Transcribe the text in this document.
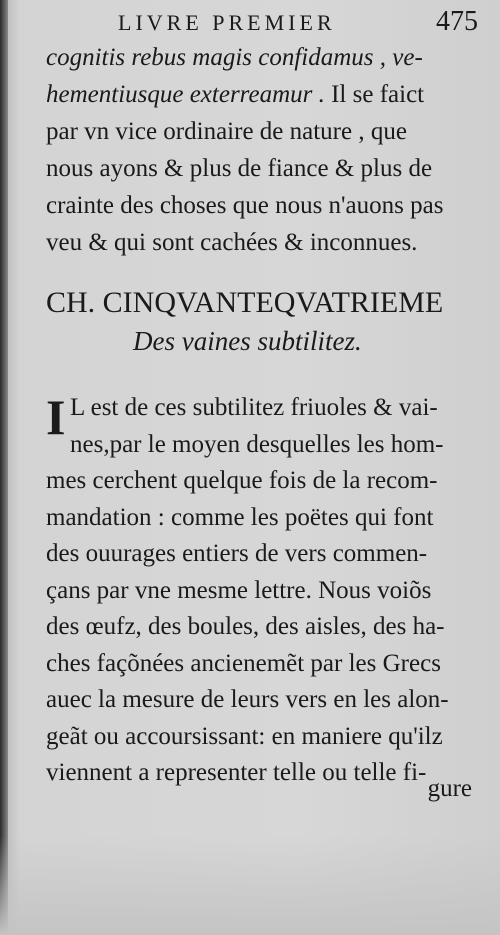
LIVRE PREMIER	475
cognitis rebus magis confidamus , ve-
hementiusque exterreamur . Il se faict
par vn vice ordinaire de nature , que
nous ayons & plus de fiance & plus de
crainte des choses que nous n'auons pas
veu & qui sont cachées & inconnues.
CH. CINQVANTEQVATRIEME
Des vaines subtilitez.
I L est de ces subtilitez friuoles & vai-
nes,par le moyen desquelles les hom-
mes cerchent quelque fois de la recom-
mandation : comme les poëtes qui font
des ouurages entiers de vers commen-
çans par vne mesme lettre. Nous voiõs
des œufz, des boules, des aisles, des ha-
ches façõnées ancienemẽt par les Grecs
auec la mesure de leurs vers en les alon-
geãt ou accoursissant: en maniere qu'ilz
viennent a representer telle ou telle fi-
gure
